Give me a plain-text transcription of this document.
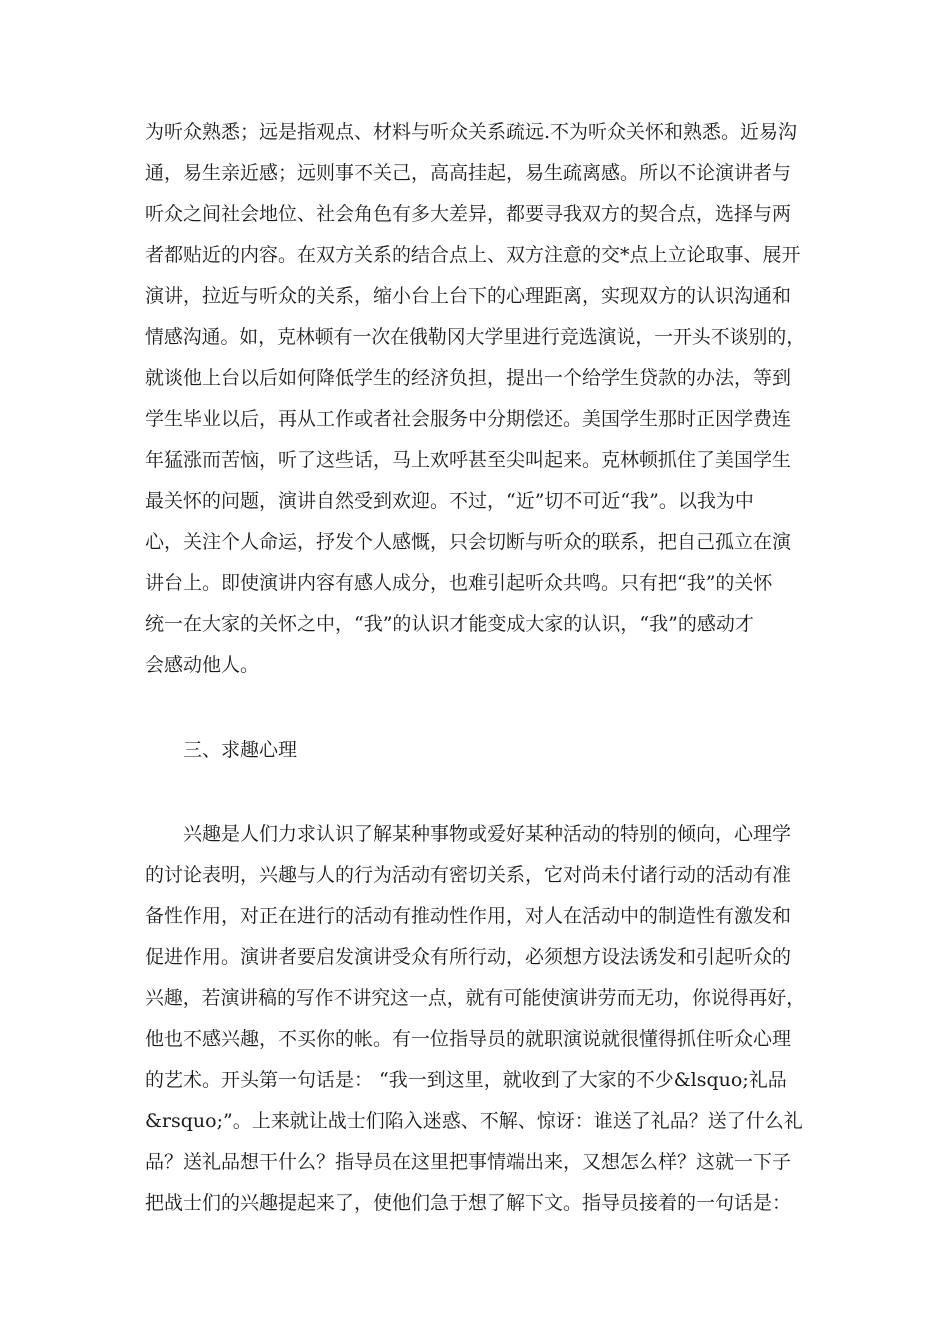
为听众熟悉；远是指观点、材料与听众关系疏远.不为听众关怀和熟悉。近易沟
通，易生亲近感；远则事不关己，高高挂起，易生疏离感。所以不论演讲者与
听众之间社会地位、社会角色有多大差异，都要寻我双方的契合点，选择与两
者都贴近的内容。在双方关系的结合点上、双方注意的交*点上立论取事、展开
演讲，拉近与听众的关系，缩小台上台下的心理距离，实现双方的认识沟通和
情感沟通。如，克林顿有一次在俄勒冈大学里进行竞选演说，一开头不谈别的，
就谈他上台以后如何降低学生的经济负担，提出一个给学生贷款的办法，等到
学生毕业以后，再从工作或者社会服务中分期偿还。美国学生那时正因学费连
年猛涨而苦恼，听了这些话，马上欢呼甚至尖叫起来。克林顿抓住了美国学生
最关怀的问题，演讲自然受到欢迎。不过，“近”切不可近“我”。以我为中
心，关注个人命运，抒发个人感慨，只会切断与听众的联系，把自己孤立在演
讲台上。即使演讲内容有感人成分，也难引起听众共鸣。只有把“我”的关怀
统一在大家的关怀之中，“我”的认识才能变成大家的认识，“我”的感动才
会感动他人。
三、求趣心理
兴趣是人们力求认识了解某种事物或爱好某种活动的特别的倾向，心理学
的讨论表明，兴趣与人的行为活动有密切关系，它对尚未付诸行动的活动有准
备性作用，对正在进行的活动有推动性作用，对人在活动中的制造性有激发和
促进作用。演讲者要启发演讲受众有所行动，必须想方设法诱发和引起听众的
兴趣，若演讲稿的写作不讲究这一点，就有可能使演讲劳而无功，你说得再好，
他也不感兴趣，不买你的帐。有一位指导员的就职演说就很懂得抓住听众心理
的艺术。开头第一句话是： “我一到这里，就收到了大家的不少&lsquo;礼品
&rsquo;”。上来就让战士们陷入迷惑、不解、惊讶：谁送了礼品？送了什么礼
品？送礼品想干什么？指导员在这里把事情端出来，又想怎么样？这就一下子
把战士们的兴趣提起来了，使他们急于想了解下文。指导员接着的一句话是：
